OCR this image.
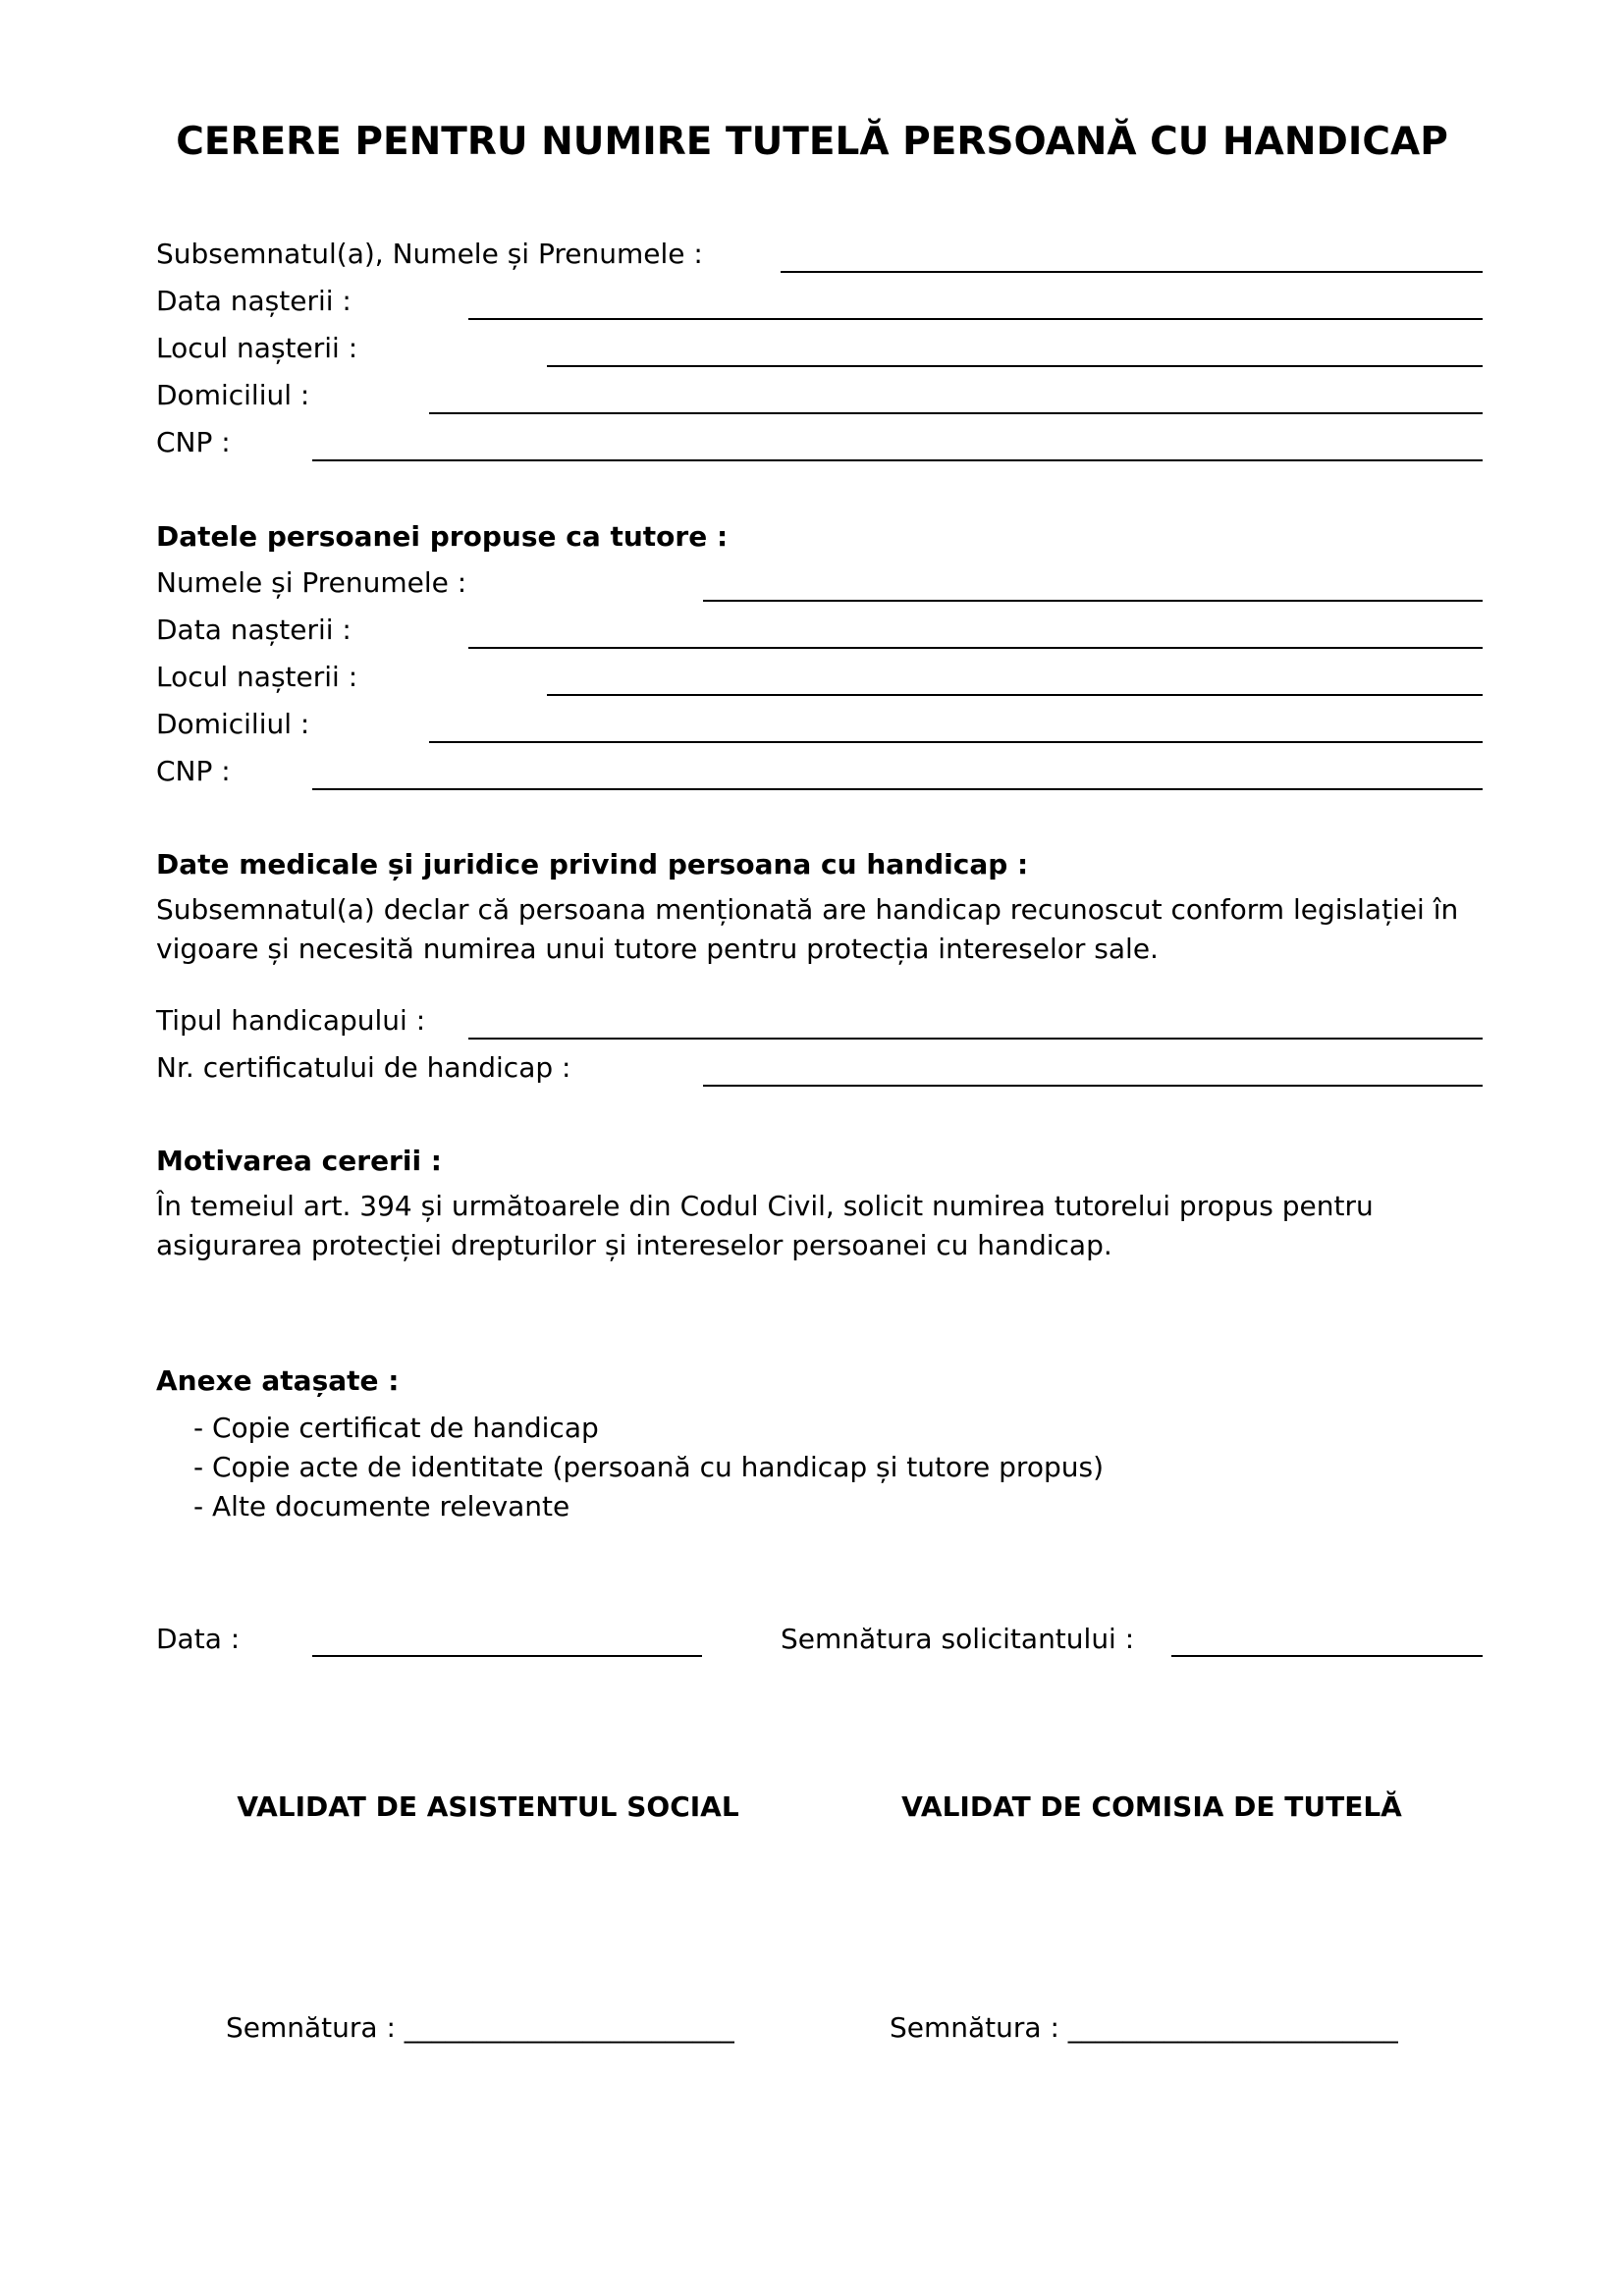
CERERE PENTRU NUMIRE TUTELĂ PERSOANĂ CU HANDICAP
Subsemnatul(a), Numele și Prenumele :
Data nașterii :
Locul nașterii :
Domiciliul :
CNP :
Datele persoanei propuse ca tutore :
Numele și Prenumele :
Data nașterii :
Locul nașterii :
Domiciliul :
CNP :
Date medicale și juridice privind persoana cu handicap :
Subsemnatul(a) declar că persoana menționată are handicap recunoscut conform legislației în vigoare și necesită numirea unui tutore pentru protecția intereselor sale.
Tipul handicapului :
Nr. certificatului de handicap :
Motivarea cererii :
În temeiul art. 394 și următoarele din Codul Civil, solicit numirea tutorelui propus pentru asigurarea protecției drepturilor și intereselor persoanei cu handicap.
Anexe atașate :
- Copie certificat de handicap
- Copie acte de identitate (persoană cu handicap și tutore propus)
- Alte documente relevante
Data :	Semnătura solicitantului :
VALIDAT DE ASISTENTUL SOCIAL	VALIDAT DE COMISIA DE TUTELĂ
Semnătura : ________________________	Semnătura : ________________________
